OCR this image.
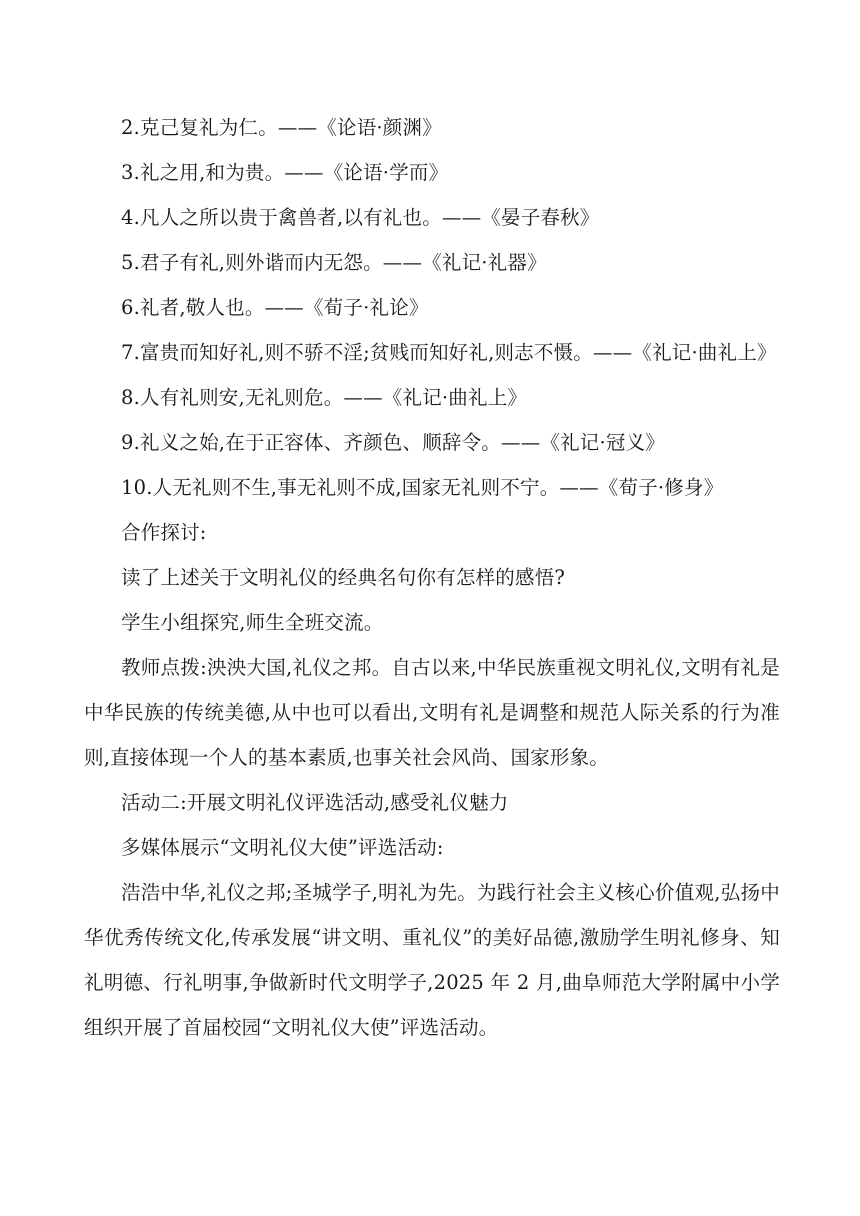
2.克己复礼为仁。——《论语·颜渊》
3.礼之用,和为贵。——《论语·学而》
4.凡人之所以贵于禽兽者,以有礼也。——《晏子春秋》
5.君子有礼,则外谐而内无怨。——《礼记·礼器》
6.礼者,敬人也。——《荀子·礼论》
7.富贵而知好礼,则不骄不淫;贫贱而知好礼,则志不慑。——《礼记·曲礼上》
8.人有礼则安,无礼则危。——《礼记·曲礼上》
9.礼义之始,在于正容体、齐颜色、顺辞令。——《礼记·冠义》
10.人无礼则不生,事无礼则不成,国家无礼则不宁。——《荀子·修身》
合作探讨:
读了上述关于文明礼仪的经典名句你有怎样的感悟?
学生小组探究,师生全班交流。
教师点拨:泱泱大国,礼仪之邦。自古以来,中华民族重视文明礼仪,文明有礼是中华民族的传统美德,从中也可以看出,文明有礼是调整和规范人际关系的行为准则,直接体现一个人的基本素质,也事关社会风尚、国家形象。
活动二:开展文明礼仪评选活动,感受礼仪魅力
多媒体展示“文明礼仪大使”评选活动:
浩浩中华,礼仪之邦;圣城学子,明礼为先。为践行社会主义核心价值观,弘扬中华优秀传统文化,传承发展“讲文明、重礼仪”的美好品德,激励学生明礼修身、知礼明德、行礼明事,争做新时代文明学子,2025 年 2 月,曲阜师范大学附属中小学组织开展了首届校园“文明礼仪大使”评选活动。
